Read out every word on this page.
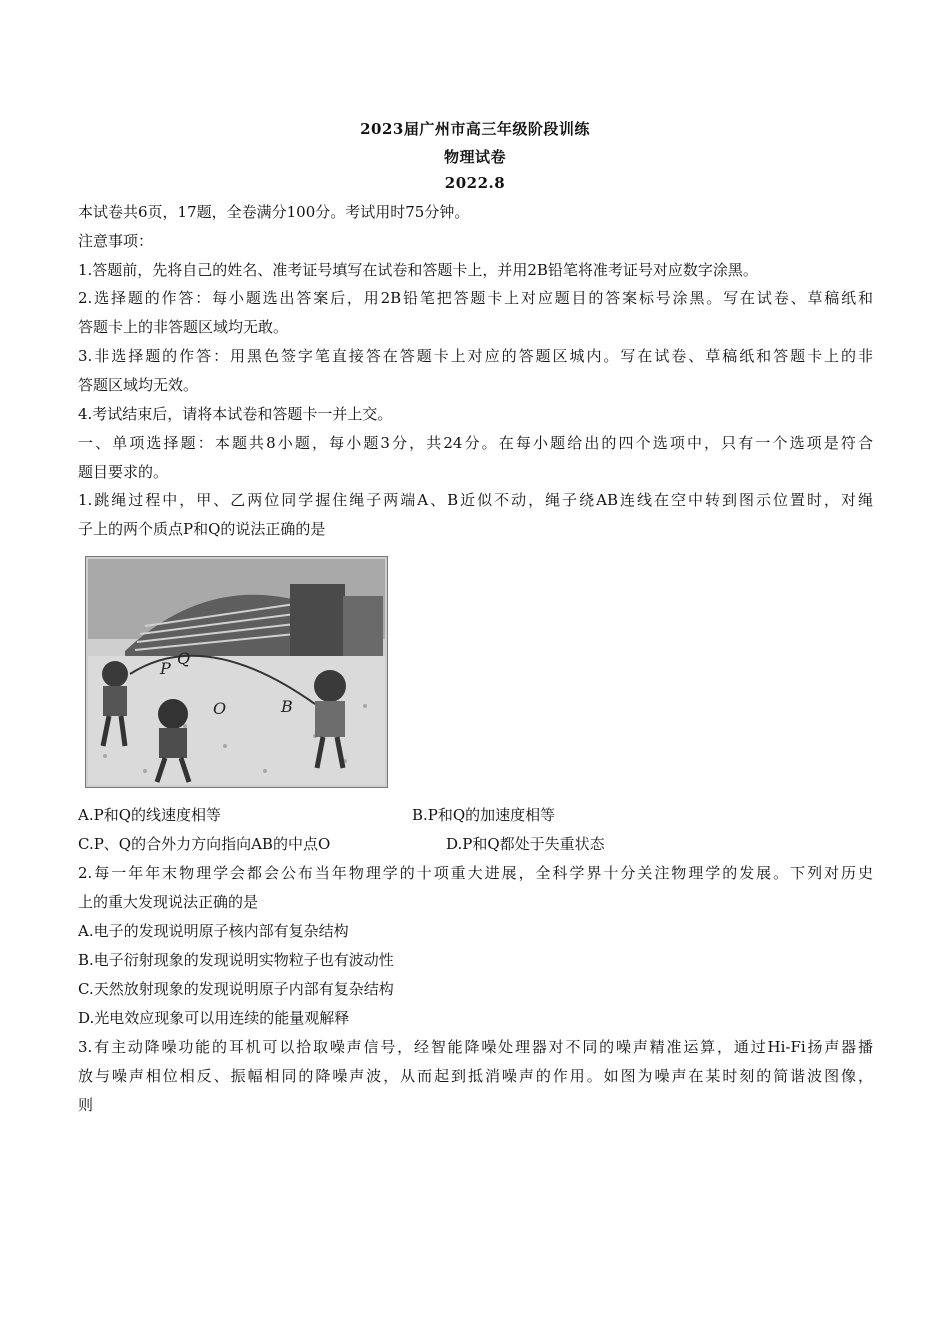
2023届广州市高三年级阶段训练
物理试卷
2022.8
本试卷共6页，17题，全卷满分100分。考试用时75分钟。
注意事项：
1.答题前，先将自己的姓名、准考证号填写在试卷和答题卡上，并用2B铅笔将准考证号对应数字涂黑。
2.选择题的作答：每小题选出答案后，用2B铅笔把答题卡上对应题目的答案标号涂黑。写在试卷、草稿纸和
答题卡上的非答题区域均无敢。
3.非选择题的作答：用黑色签字笔直接答在答题卡上对应的答题区城内。写在试卷、草稿纸和答题卡上的非
答题区域均无效。
4.考试结束后，请将本试卷和答题卡一并上交。
一、单项选择题：本题共8小题，每小题3分，共24分。在每小题给出的四个选项中，只有一个选项是符合
题目要求的。
1.跳绳过程中，甲、乙两位同学握住绳子两端A、B近似不动，绳子绕AB连线在空中转到图示位置时，对绳
子上的两个质点P和Q的说法正确的是
P
Q
O	B
A.P和Q的线速度相等	B.P和Q的加速度相等
C.P、Q的合外力方向指向AB的中点O	D.P和Q都处于失重状态
2.每一年年末物理学会都会公布当年物理学的十项重大进展，全科学界十分关注物理学的发展。下列对历史
上的重大发现说法正确的是
A.电子的发现说明原子核内部有复杂结构
B.电子衍射现象的发现说明实物粒子也有波动性
C.天然放射现象的发现说明原子内部有复杂结构
D.光电效应现象可以用连续的能量观解释
3.有主动降噪功能的耳机可以拾取噪声信号，经智能降噪处理器对不同的噪声精准运算，通过Hi-Fi扬声器播
放与噪声相位相反、振幅相同的降噪声波，从而起到抵消噪声的作用。如图为噪声在某时刻的简谐波图像，
则
